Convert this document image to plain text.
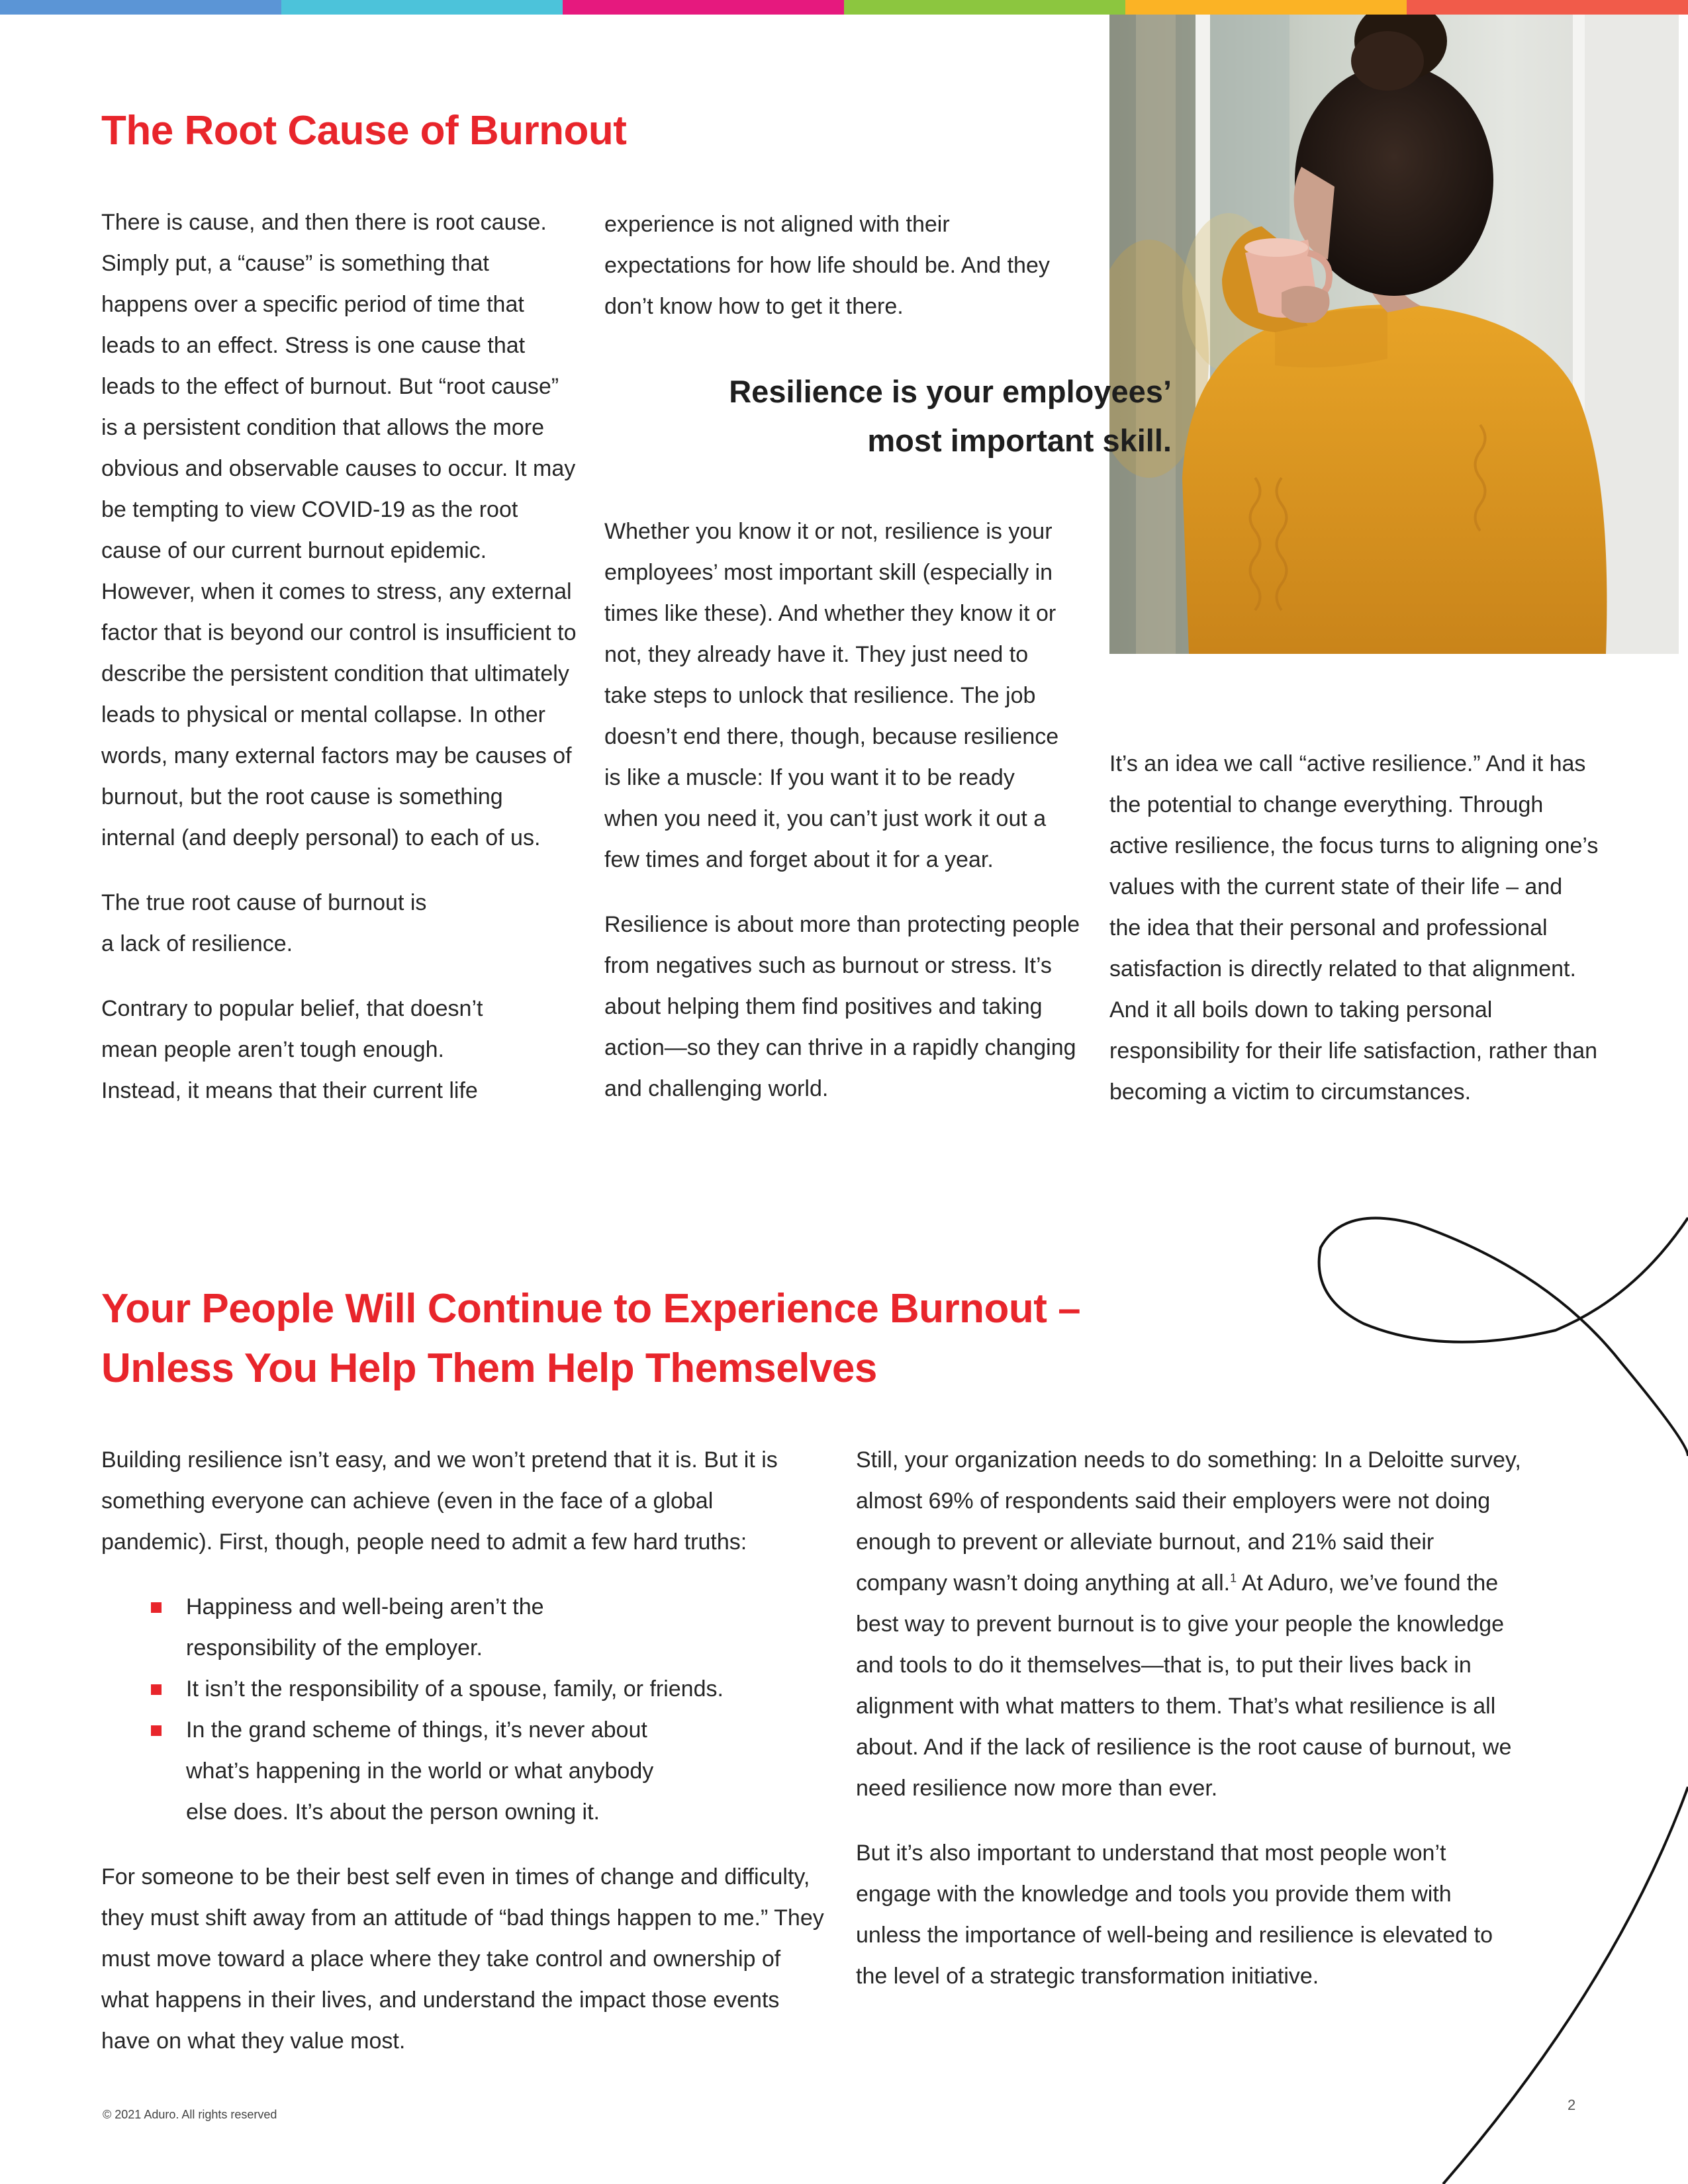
The Root Cause of Burnout

There is cause, and then there is root cause. Simply put, a “cause” is something that happens over a specific period of time that leads to an effect. Stress is one cause that leads to the effect of burnout. But “root cause” is a persistent condition that allows the more obvious and observable causes to occur. It may be tempting to view COVID-19 as the root cause of our current burnout epidemic. However, when it comes to stress, any external factor that is beyond our control is insufficient to describe the persistent condition that ultimately leads to physical or mental collapse. In other words, many external factors may be causes of burnout, but the root cause is something internal (and deeply personal) to each of us.

The true root cause of burnout is a lack of resilience.

Contrary to popular belief, that doesn’t mean people aren’t tough enough. Instead, it means that their current life

experience is not aligned with their expectations for how life should be. And they don’t know how to get it there.

Resilience is your employees’ most important skill.

Whether you know it or not, resilience is your employees’ most important skill (especially in times like these). And whether they know it or not, they already have it. They just need to take steps to unlock that resilience. The job doesn’t end there, though, because resilience is like a muscle: If you want it to be ready when you need it, you can’t just work it out a few times and forget about it for a year.

Resilience is about more than protecting people from negatives such as burnout or stress. It’s about helping them find positives and taking action—so they can thrive in a rapidly changing and challenging world.

It’s an idea we call “active resilience.” And it has the potential to change everything. Through active resilience, the focus turns to aligning one’s values with the current state of their life – and the idea that their personal and professional satisfaction is directly related to that alignment. And it all boils down to taking personal responsibility for their life satisfaction, rather than becoming a victim to circumstances.

Your People Will Continue to Experience Burnout –
Unless You Help Them Help Themselves

Building resilience isn’t easy, and we won’t pretend that it is. But it is something everyone can achieve (even in the face of a global pandemic). First, though, people need to admit a few hard truths:

Happiness and well-being aren’t the responsibility of the employer.
It isn’t the responsibility of a spouse, family, or friends.
In the grand scheme of things, it’s never about what’s happening in the world or what anybody else does. It’s about the person owning it.

For someone to be their best self even in times of change and difficulty, they must shift away from an attitude of “bad things happen to me.” They must move toward a place where they take control and ownership of what happens in their lives, and understand the impact those events have on what they value most.

Still, your organization needs to do something: In a Deloitte survey, almost 69% of respondents said their employers were not doing enough to prevent or alleviate burnout, and 21% said their company wasn’t doing anything at all.$^1$ At Aduro, we’ve found the best way to prevent burnout is to give your people the knowledge and tools to do it themselves—that is, to put their lives back in alignment with what matters to them. That’s what resilience is all about. And if the lack of resilience is the root cause of burnout, we need resilience now more than ever.

But it’s also important to understand that most people won’t engage with the knowledge and tools you provide them with unless the importance of well-being and resilience is elevated to the level of a strategic transformation initiative.

© 2021 Aduro. All rights reserved
2
